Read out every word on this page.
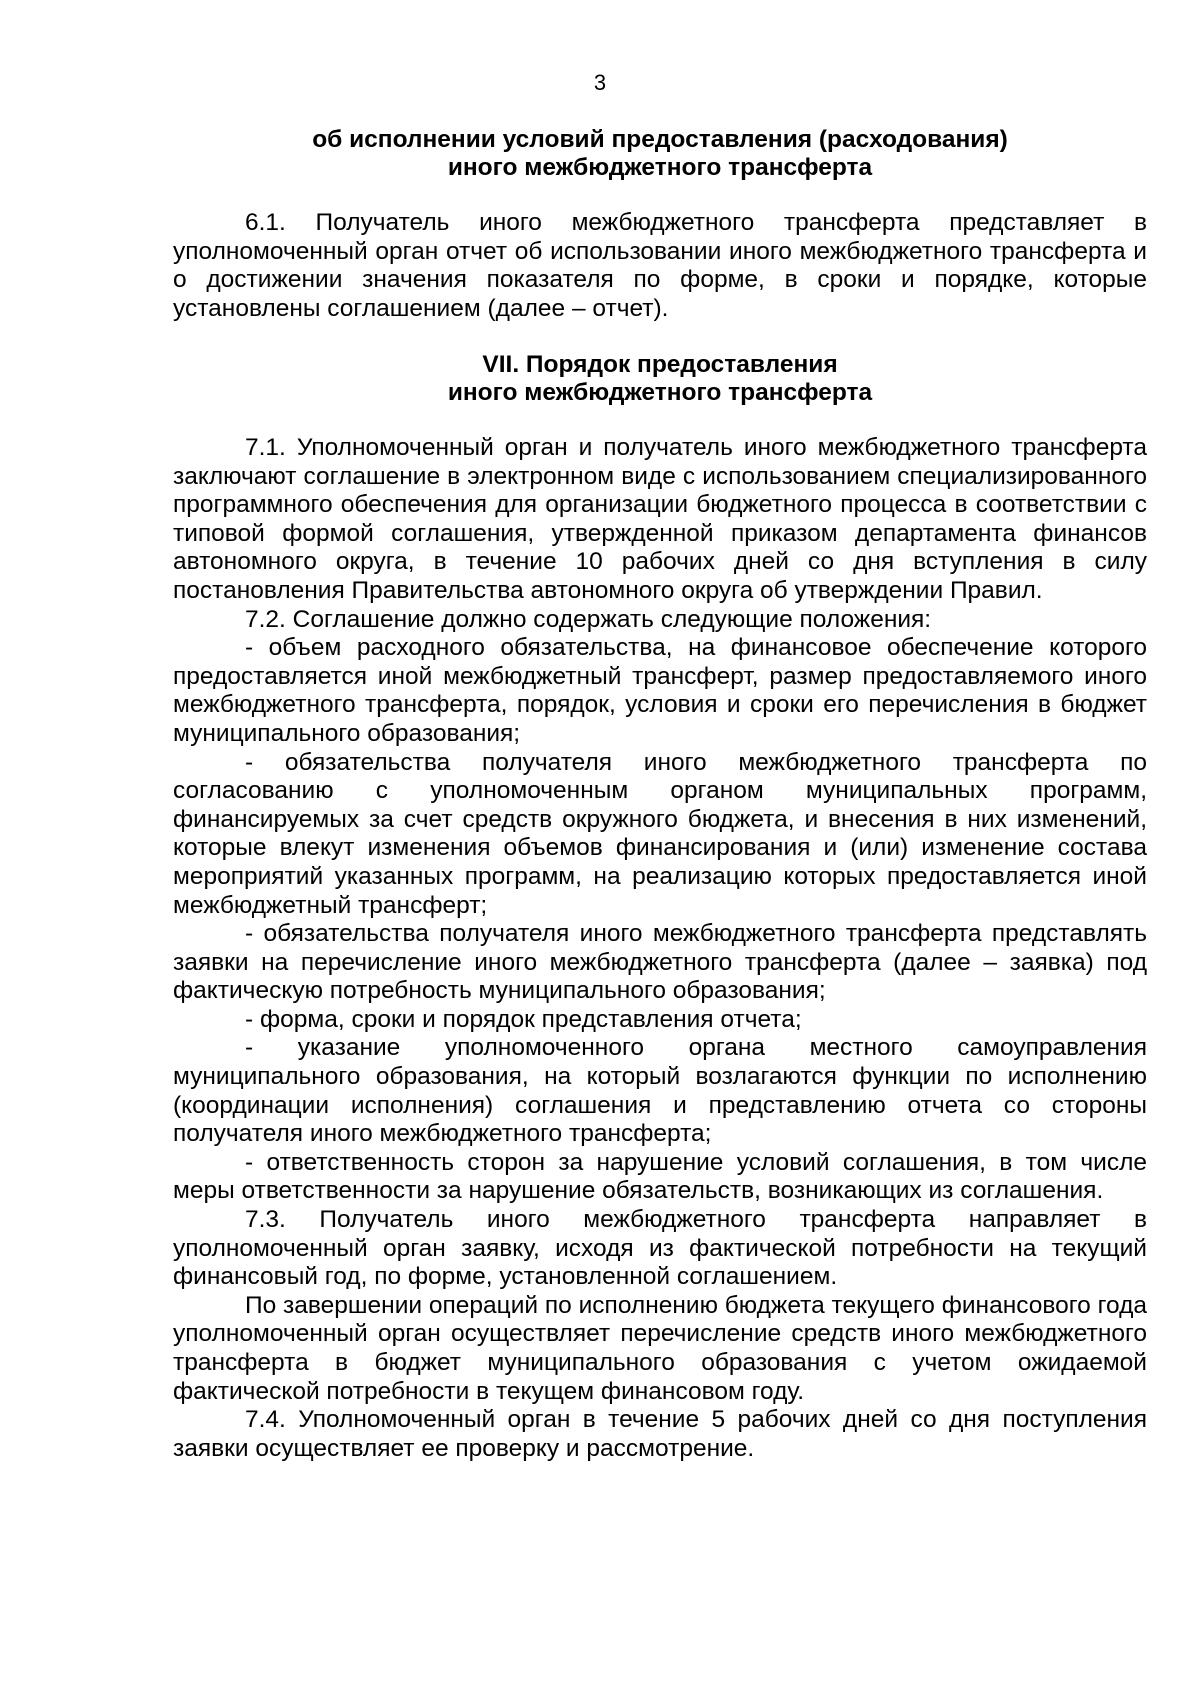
3
об исполнении условий предоставления (расходования)
иного межбюджетного трансферта

6.1. Получатель иного межбюджетного трансферта представляет в уполномоченный орган отчет об использовании иного межбюджетного трансферта и о достижении значения показателя по форме, в сроки и порядке, которые установлены соглашением (далее – отчет).

VII. Порядок предоставления
иного межбюджетного трансферта

7.1. Уполномоченный орган и получатель иного межбюджетного трансферта заключают соглашение в электронном виде с использованием специализированного программного обеспечения для организации бюджетного процесса в соответствии с типовой формой соглашения, утвержденной приказом департамента финансов автономного округа, в течение 10 рабочих дней со дня вступления в силу постановления Правительства автономного округа об утверждении Правил.

7.2. Соглашение должно содержать следующие положения:

- объем расходного обязательства, на финансовое обеспечение которого предоставляется иной межбюджетный трансферт, размер предоставляемого иного межбюджетного трансферта, порядок, условия и сроки его перечисления в бюджет муниципального образования;

- обязательства получателя иного межбюджетного трансферта по согласованию с уполномоченным органом муниципальных программ, финансируемых за счет средств окружного бюджета, и внесения в них изменений, которые влекут изменения объемов финансирования и (или) изменение состава мероприятий указанных программ, на реализацию которых предоставляется иной межбюджетный трансферт;

- обязательства получателя иного межбюджетного трансферта представлять заявки на перечисление иного межбюджетного трансферта (далее – заявка) под фактическую потребность муниципального образования;

- форма, сроки и порядок представления отчета;

- указание уполномоченного органа местного самоуправления муниципального образования, на который возлагаются функции по исполнению (координации исполнения) соглашения и представлению отчета со стороны получателя иного межбюджетного трансферта;

- ответственность сторон за нарушение условий соглашения, в том числе меры ответственности за нарушение обязательств, возникающих из соглашения.

7.3. Получатель иного межбюджетного трансферта направляет в уполномоченный орган заявку, исходя из фактической потребности на текущий финансовый год, по форме, установленной соглашением.

По завершении операций по исполнению бюджета текущего финансового года уполномоченный орган осуществляет перечисление средств иного межбюджетного трансферта в бюджет муниципального образования с учетом ожидаемой фактической потребности в текущем финансовом году.

7.4. Уполномоченный орган в течение 5 рабочих дней со дня поступления заявки осуществляет ее проверку и рассмотрение.
